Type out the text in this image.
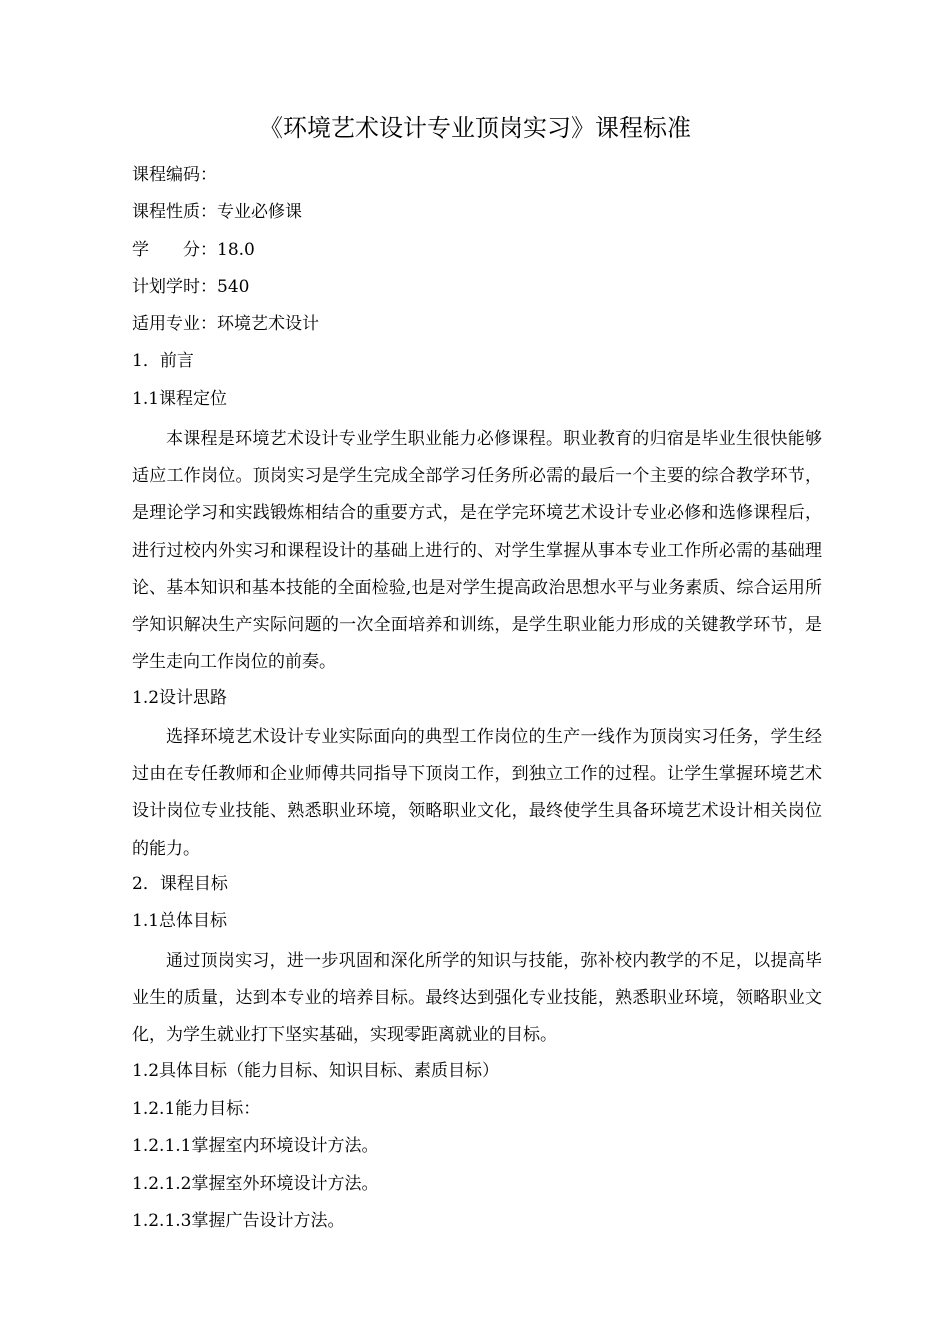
《环境艺术设计专业顶岗实习》课程标准
课程编码：
课程性质：专业必修课
学　　分：18.0
计划学时：540
适用专业：环境艺术设计
1．前言
1.1课程定位
本课程是环境艺术设计专业学生职业能力必修课程。职业教育的归宿是毕业生很快能够适应工作岗位。顶岗实习是学生完成全部学习任务所必需的最后一个主要的综合教学环节，是理论学习和实践锻炼相结合的重要方式，是在学完环境艺术设计专业必修和选修课程后，进行过校内外实习和课程设计的基础上进行的、对学生掌握从事本专业工作所必需的基础理论、基本知识和基本技能的全面检验,也是对学生提高政治思想水平与业务素质、综合运用所学知识解决生产实际问题的一次全面培养和训练，是学生职业能力形成的关键教学环节，是学生走向工作岗位的前奏。
1.2设计思路
选择环境艺术设计专业实际面向的典型工作岗位的生产一线作为顶岗实习任务，学生经过由在专任教师和企业师傅共同指导下顶岗工作，到独立工作的过程。让学生掌握环境艺术设计岗位专业技能、熟悉职业环境，领略职业文化，最终使学生具备环境艺术设计相关岗位的能力。
2．课程目标
1.1总体目标
通过顶岗实习，进一步巩固和深化所学的知识与技能，弥补校内教学的不足，以提高毕业生的质量，达到本专业的培养目标。最终达到强化专业技能，熟悉职业环境，领略职业文化，为学生就业打下坚实基础，实现零距离就业的目标。
1.2具体目标（能力目标、知识目标、素质目标）
1.2.1能力目标：
1.2.1.1掌握室内环境设计方法。
1.2.1.2掌握室外环境设计方法。
1.2.1.3掌握广告设计方法。
